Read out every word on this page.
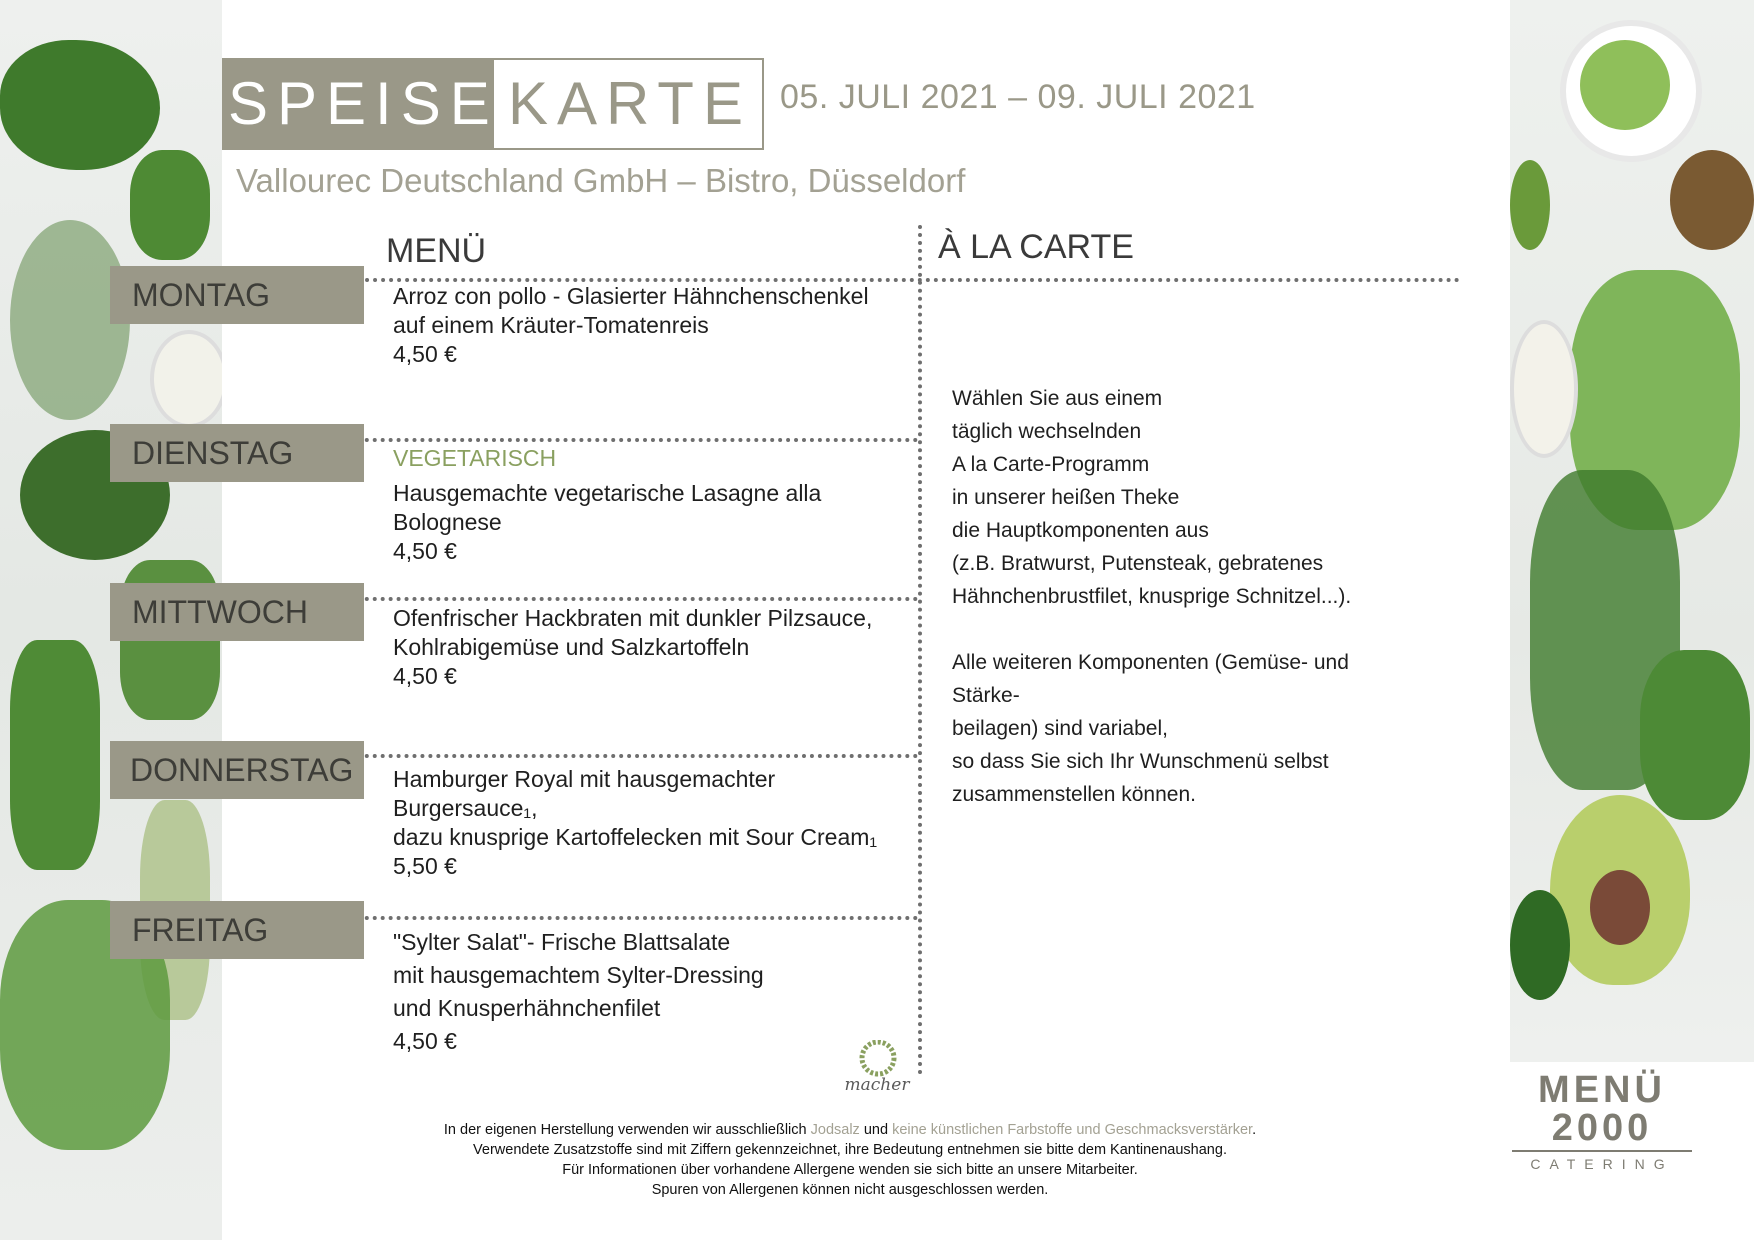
SPEISE KARTE 05. JULI 2021 – 09. JULI 2021
Vallourec Deutschland GmbH – Bistro, Düsseldorf
MENÜ	À LA CARTE
MONTAG
DIENSTAG
MITTWOCH
DONNERSTAG
FREITAG
Arroz con pollo - Glasierter Hähnchenschenkel
auf einem Kräuter-Tomatenreis
4,50 €
VEGETARISCH
Hausgemachte vegetarische Lasagne alla Bolognese
4,50 €
Ofenfrischer Hackbraten mit dunkler Pilzsauce,
Kohlrabigemüse und Salzkartoffeln
4,50 €
Hamburger Royal mit hausgemachter Burgersauce₁,
dazu knusprige Kartoffelecken mit Sour Cream₁
5,50 €
"Sylter Salat"- Frische Blattsalate
mit hausgemachtem Sylter-Dressing
und Knusperhähnchenfilet
4,50 €
Wählen Sie aus einem
täglich wechselnden
A la Carte-Programm
in unserer heißen Theke
die Hauptkomponenten aus
(z.B. Bratwurst, Putensteak, gebratenes
Hähnchenbrustfilet, knusprige Schnitzel...).
Alle weiteren Komponenten (Gemüse- und Stärke-
beilagen) sind variabel,
so dass Sie sich Ihr Wunschmenü selbst
zusammenstellen können.
macher
In der eigenen Herstellung verwenden wir ausschließlich Jodsalz und keine künstlichen Farbstoffe und Geschmacksverstärker.
Verwendete Zusatzstoffe sind mit Ziffern gekennzeichnet, ihre Bedeutung entnehmen sie bitte dem Kantinenaushang.
Für Informationen über vorhandene Allergene wenden sie sich bitte an unsere Mitarbeiter.
Spuren von Allergenen können nicht ausgeschlossen werden.
MENÜ
2000
CATERING
